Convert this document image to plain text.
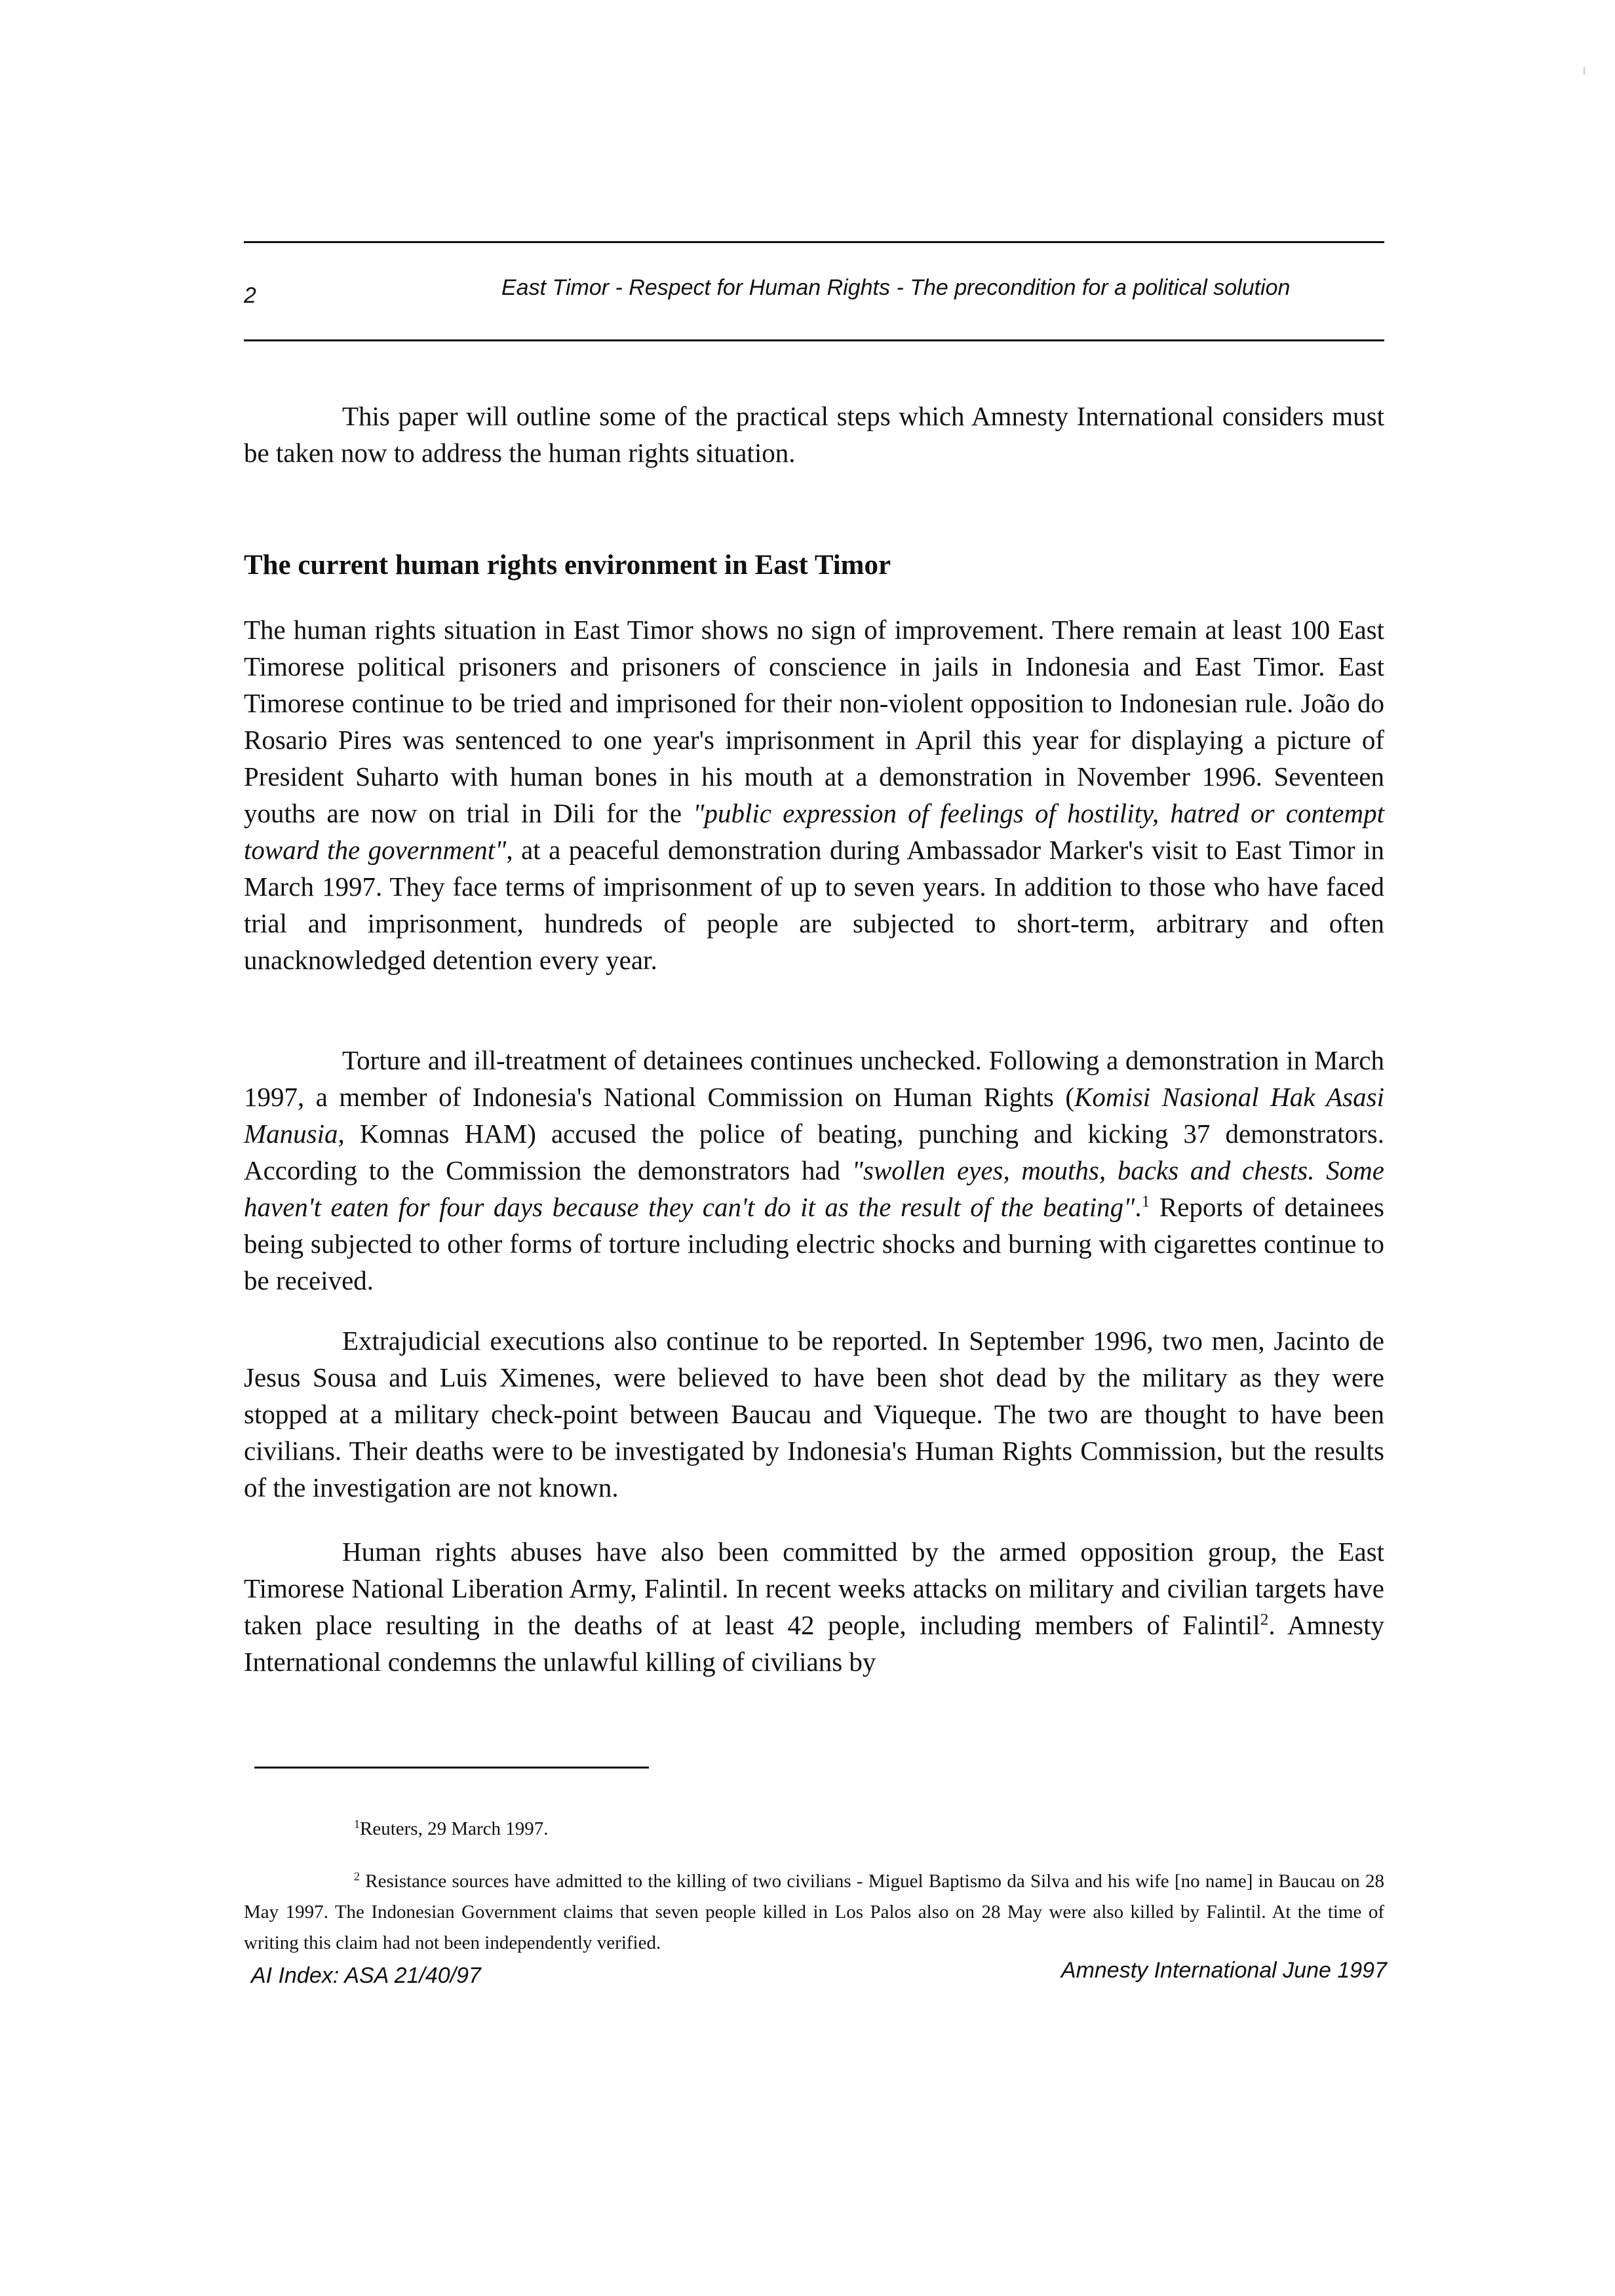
2	East Timor - Respect for Human Rights - The precondition for a political solution

This paper will outline some of the practical steps which Amnesty International considers must be taken now to address the human rights situation.

The current human rights environment in East Timor

The human rights situation in East Timor shows no sign of improvement. There remain at least 100 East Timorese political prisoners and prisoners of conscience in jails in Indonesia and East Timor. East Timorese continue to be tried and imprisoned for their non-violent opposition to Indonesian rule. João do Rosario Pires was sentenced to one year's imprisonment in April this year for displaying a picture of President Suharto with human bones in his mouth at a demonstration in November 1996. Seventeen youths are now on trial in Dili for the "public expression of feelings of hostility, hatred or contempt toward the government", at a peaceful demonstration during Ambassador Marker's visit to East Timor in March 1997. They face terms of imprisonment of up to seven years. In addition to those who have faced trial and imprisonment, hundreds of people are subjected to short-term, arbitrary and often unacknowledged detention every year.

Torture and ill-treatment of detainees continues unchecked. Following a demonstration in March 1997, a member of Indonesia's National Commission on Human Rights (Komisi Nasional Hak Asasi Manusia, Komnas HAM) accused the police of beating, punching and kicking 37 demonstrators. According to the Commission the demonstrators had "swollen eyes, mouths, backs and chests. Some haven't eaten for four days because they can't do it as the result of the beating".$^1$ Reports of detainees being subjected to other forms of torture including electric shocks and burning with cigarettes continue to be received.

Extrajudicial executions also continue to be reported. In September 1996, two men, Jacinto de Jesus Sousa and Luis Ximenes, were believed to have been shot dead by the military as they were stopped at a military check-point between Baucau and Viqueque. The two are thought to have been civilians. Their deaths were to be investigated by Indonesia's Human Rights Commission, but the results of the investigation are not known.

Human rights abuses have also been committed by the armed opposition group, the East Timorese National Liberation Army, Falintil. In recent weeks attacks on military and civilian targets have taken place resulting in the deaths of at least 42 people, including members of Falintil$^2$. Amnesty International condemns the unlawful killing of civilians by

$^1$Reuters, 29 March 1997.

$^2$ Resistance sources have admitted to the killing of two civilians - Miguel Baptismo da Silva and his wife [no name] in Baucau on 28 May 1997. The Indonesian Government claims that seven people killed in Los Palos also on 28 May were also killed by Falintil. At the time of writing this claim had not been independently verified.

AI Index: ASA 21/40/97	Amnesty International June 1997
